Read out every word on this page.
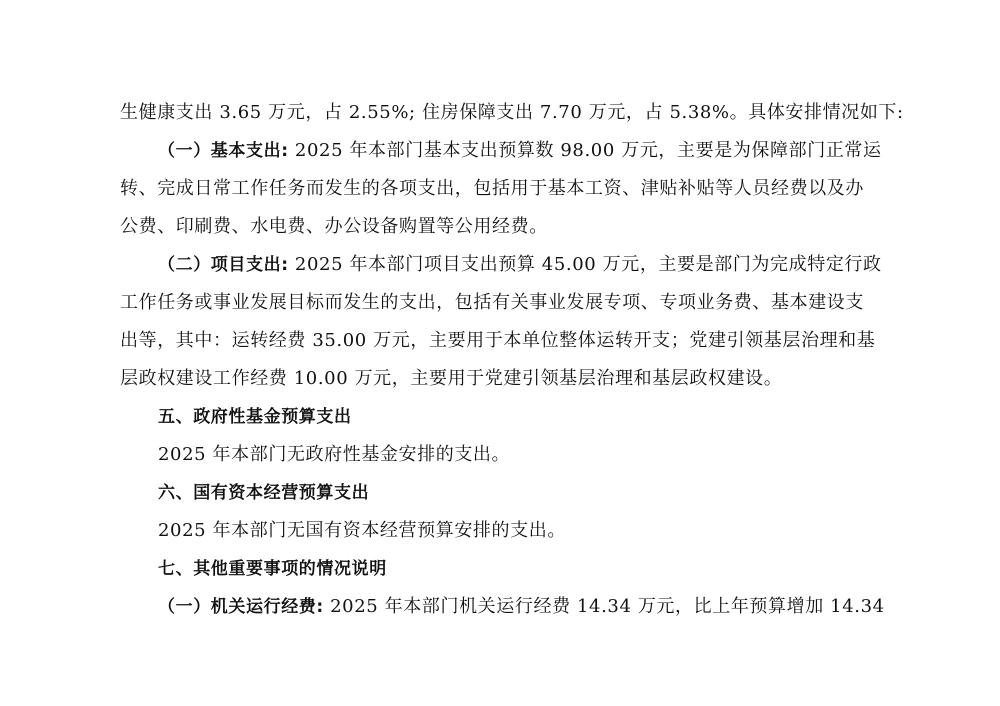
生健康支出 3.65 万元，占 2.55%; 住房保障支出 7.70 万元，占 5.38%。具体安排情况如下:
（一）基本支出: 2025 年本部门基本支出预算数 98.00 万元，主要是为保障部门正常运
转、完成日常工作任务而发生的各项支出，包括用于基本工资、津贴补贴等人员经费以及办
公费、印刷费、水电费、办公设备购置等公用经费。
（二）项目支出: 2025 年本部门项目支出预算 45.00 万元，主要是部门为完成特定行政
工作任务或事业发展目标而发生的支出，包括有关事业发展专项、专项业务费、基本建设支
出等，其中：运转经费 35.00 万元，主要用于本单位整体运转开支；党建引领基层治理和基
层政权建设工作经费 10.00 万元，主要用于党建引领基层治理和基层政权建设。
五、政府性基金预算支出
2025 年本部门无政府性基金安排的支出。
六、国有资本经营预算支出
2025 年本部门无国有资本经营预算安排的支出。
七、其他重要事项的情况说明
（一）机关运行经费: 2025 年本部门机关运行经费 14.34 万元，比上年预算增加 14.34
